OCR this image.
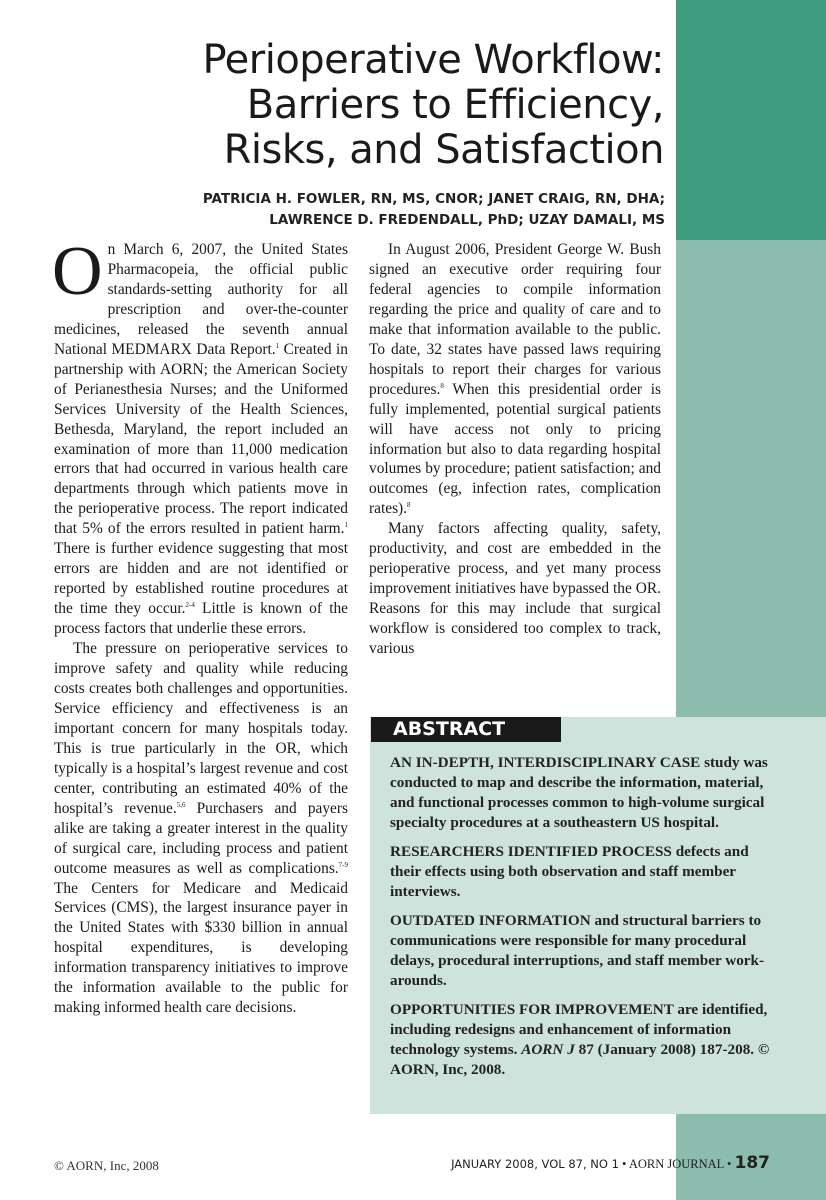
Perioperative Workflow:
Barriers to Efficiency,
Risks, and Satisfaction
PATRICIA H. FOWLER, RN, MS, CNOR; JANET CRAIG, RN, DHA;
LAWRENCE D. FREDENDALL, PhD; UZAY DAMALI, MS

On March 6, 2007, the United States Pharmacopeia, the official public standards-setting authority for all prescription and over-the-counter medicines, released the seventh annual National MEDMARX Data Report.$^1$ Created in partnership with AORN; the American Society of Perianesthesia Nurses; and the Uniformed Services University of the Health Sciences, Bethesda, Maryland, the report included an examination of more than 11,000 medication errors that had occurred in various health care departments through which patients move in the perioperative process. The report indicated that 5% of the errors resulted in patient harm.$^1$ There is further evidence suggesting that most errors are hidden and are not identified or reported by established routine procedures at the time they occur.$^{2-4}$ Little is known of the process factors that underlie these errors.

The pressure on perioperative services to improve safety and quality while reducing costs creates both challenges and opportunities. Service efficiency and effectiveness is an important concern for many hospitals today. This is true particularly in the OR, which typically is a hospital’s largest revenue and cost center, contributing an estimated 40% of the hospital’s revenue.$^{5,6}$ Purchasers and payers alike are taking a greater interest in the quality of surgical care, including process and patient outcome measures as well as complications.$^{7-9}$ The Centers for Medicare and Medicaid Services (CMS), the largest insurance payer in the United States with $330 billion in annual hospital expenditures, is developing information transparency initiatives to improve the information available to the public for making informed health care decisions.

In August 2006, President George W. Bush signed an executive order requiring four federal agencies to compile information regarding the price and quality of care and to make that information available to the public. To date, 32 states have passed laws requiring hospitals to report their charges for various procedures.$^8$ When this presidential order is fully implemented, potential surgical patients will have access not only to pricing information but also to data regarding hospital volumes by procedure; patient satisfaction; and outcomes (eg, infection rates, complication rates).$^8$

Many factors affecting quality, safety, productivity, and cost are embedded in the perioperative process, and yet many process improvement initiatives have bypassed the OR. Reasons for this may include that surgical workflow is considered too complex to track, various

ABSTRACT

AN IN-DEPTH, INTERDISCIPLINARY CASE study was conducted to map and describe the information, material, and functional processes common to high-volume surgical specialty procedures at a southeastern US hospital.

RESEARCHERS IDENTIFIED PROCESS defects and their effects using both observation and staff member interviews.

OUTDATED INFORMATION and structural barriers to communications were responsible for many procedural delays, procedural interruptions, and staff member work-arounds.

OPPORTUNITIES FOR IMPROVEMENT are identified, including redesigns and enhancement of information technology systems. AORN J 87 (January 2008) 187-208. © AORN, Inc, 2008.

© AORN, Inc, 2008	JANUARY 2008, VOL 87, NO 1 • AORN JOURNAL • 187
